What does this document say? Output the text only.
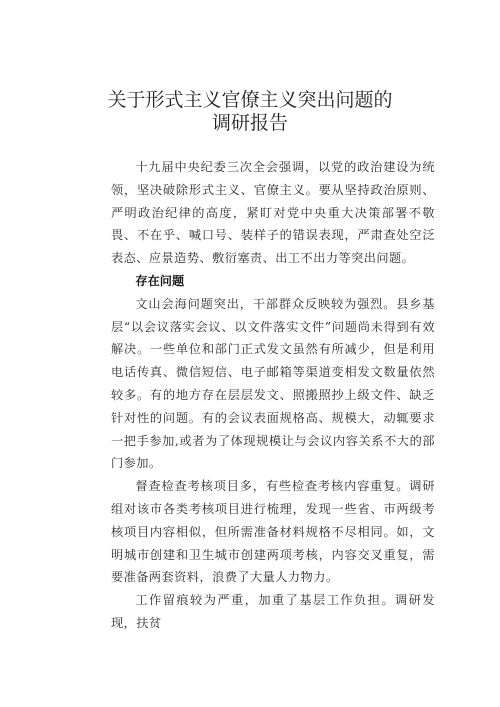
关于形式主义官僚主义突出问题的
调研报告

十九届中央纪委三次全会强调，以党的政治建设为统领，坚决破除形式主义、官僚主义。要从坚持政治原则、严明政治纪律的高度，紧盯对党中央重大决策部署不敬畏、不在乎、喊口号、装样子的错误表现，严肃查处空泛表态、应景造势、敷衍塞责、出工不出力等突出问题。

存在问题

文山会海问题突出，干部群众反映较为强烈。县乡基层“以会议落实会议、以文件落实文件”问题尚未得到有效解决。一些单位和部门正式发文虽然有所减少，但是利用电话传真、微信短信、电子邮箱等渠道变相发文数量依然较多。有的地方存在层层发文、照搬照抄上级文件、缺乏针对性的问题。有的会议表面规格高、规模大，动辄要求一把手参加,或者为了体现规模让与会议内容关系不大的部门参加。

督查检查考核项目多，有些检查考核内容重复。调研组对该市各类考核项目进行梳理，发现一些省、市两级考核项目内容相似，但所需准备材料规格不尽相同。如，文明城市创建和卫生城市创建两项考核，内容交叉重复，需要准备两套资料，浪费了大量人力物力。

工作留痕较为严重，加重了基层工作负担。调研发现，扶贫
